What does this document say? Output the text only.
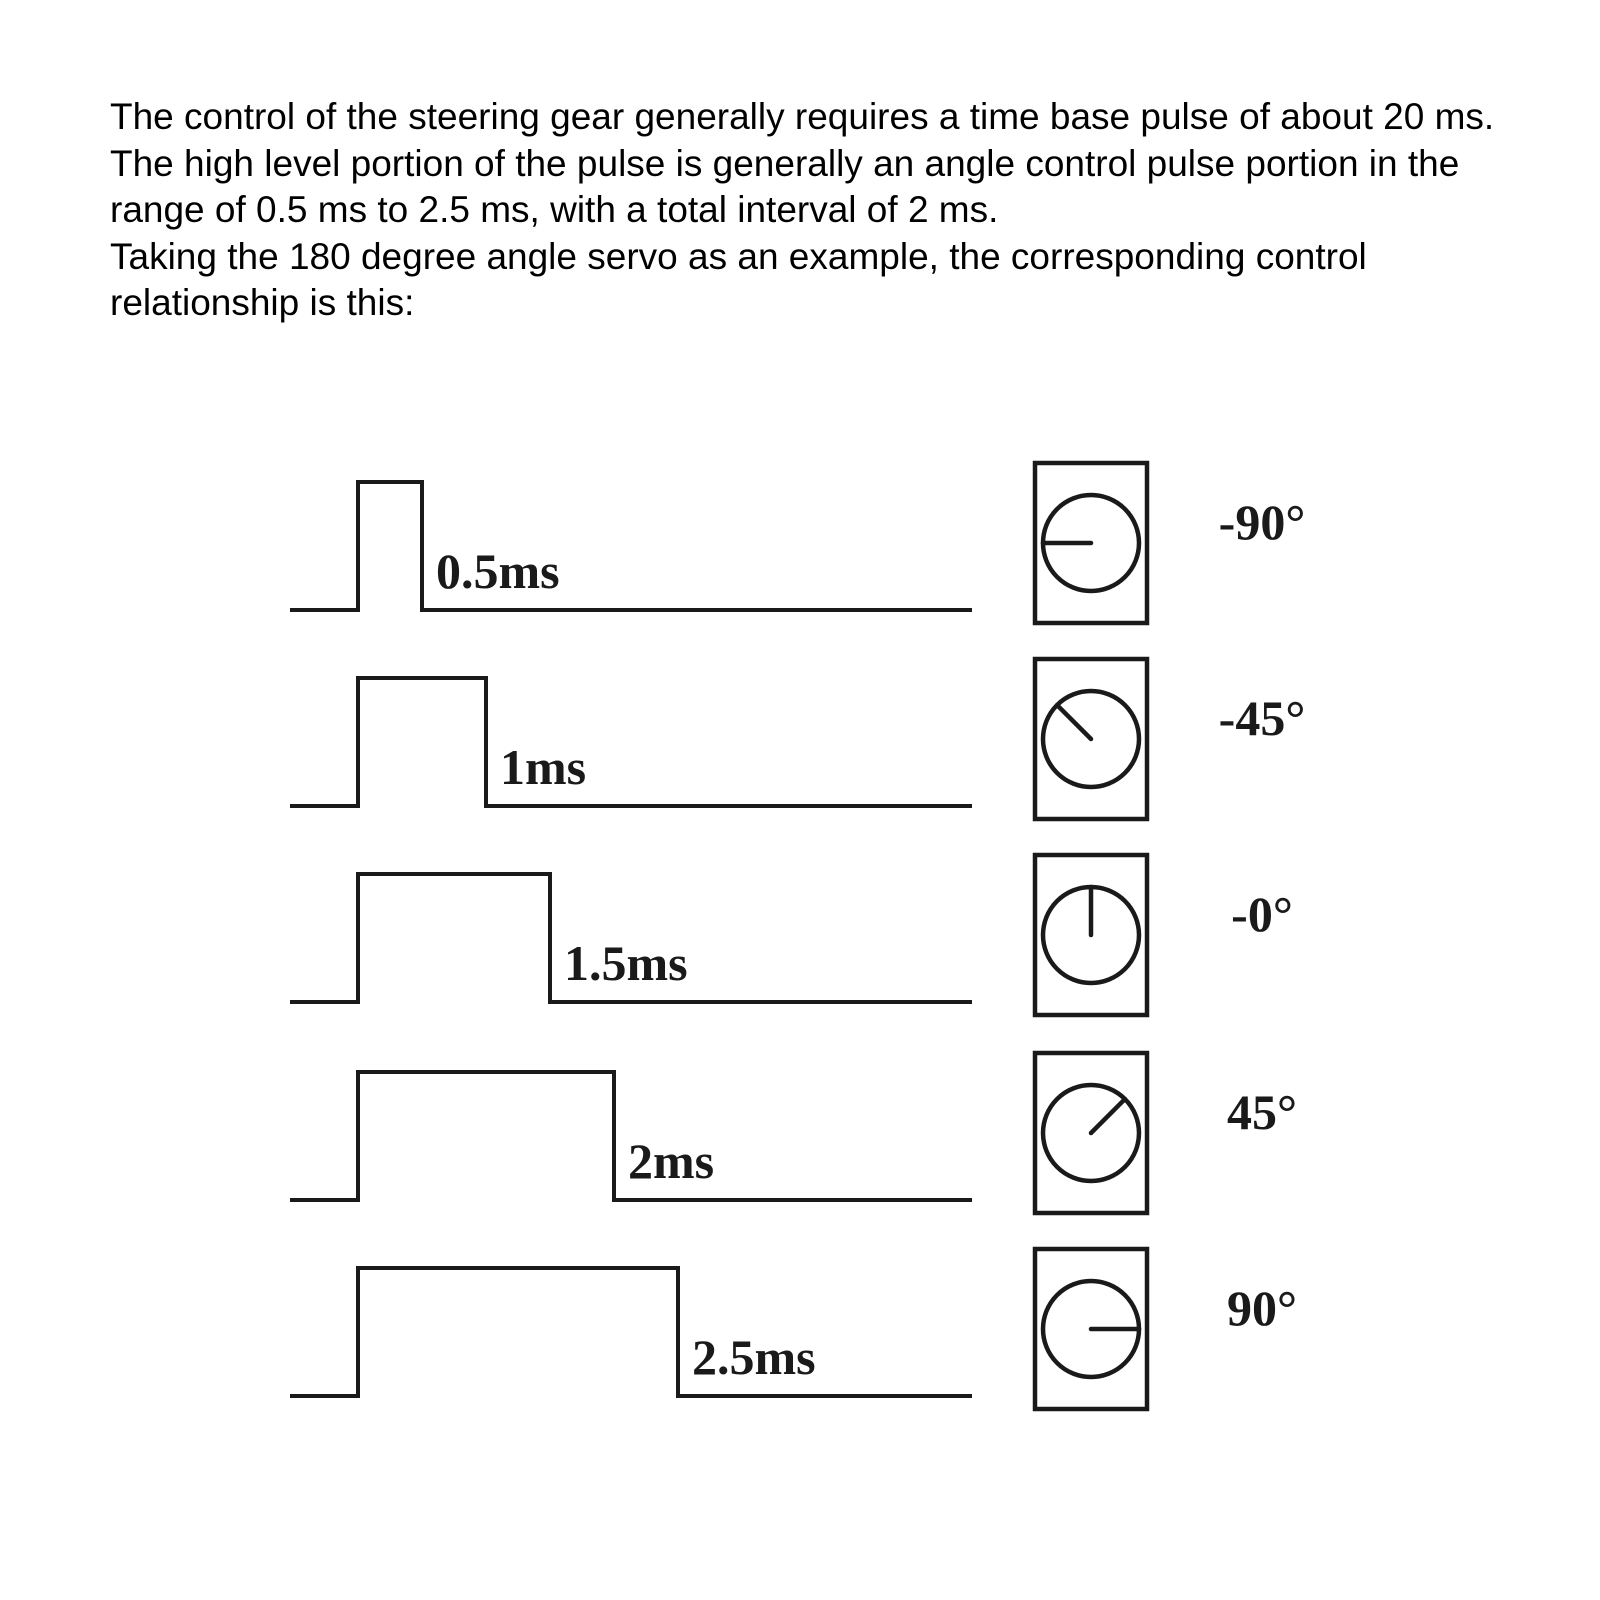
The control of the steering gear generally requires a time base pulse of about 20 ms.

The high level portion of the pulse is generally an angle control pulse portion in the range of 0.5 ms to 2.5 ms, with a total interval of 2 ms.

Taking the 180 degree angle servo as an example, the corresponding control relationship is this:

0.5ms
-90°
1ms
-45°
1.5ms
-0°
2ms
45°
2.5ms
90°
